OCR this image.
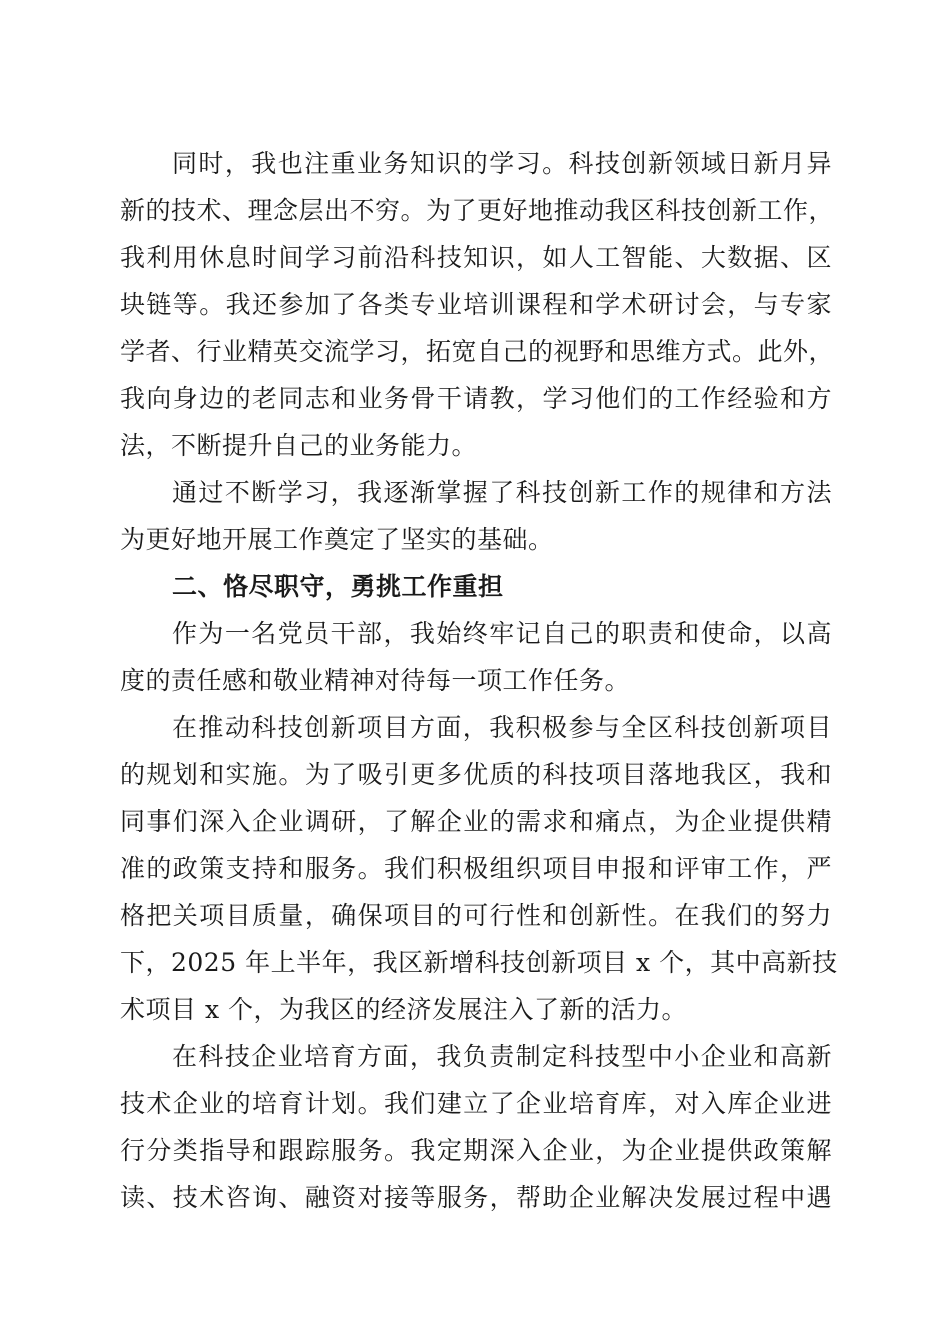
同时，我也注重业务知识的学习。科技创新领域日新月异
新的技术、理念层出不穷。为了更好地推动我区科技创新工作，
我利用休息时间学习前沿科技知识，如人工智能、大数据、区
块链等。我还参加了各类专业培训课程和学术研讨会，与专家
学者、行业精英交流学习，拓宽自己的视野和思维方式。此外，
我向身边的老同志和业务骨干请教，学习他们的工作经验和方
法，不断提升自己的业务能力。
通过不断学习，我逐渐掌握了科技创新工作的规律和方法
为更好地开展工作奠定了坚实的基础。
二、恪尽职守，勇挑工作重担
作为一名党员干部，我始终牢记自己的职责和使命，以高
度的责任感和敬业精神对待每一项工作任务。
在推动科技创新项目方面，我积极参与全区科技创新项目
的规划和实施。为了吸引更多优质的科技项目落地我区，我和
同事们深入企业调研，了解企业的需求和痛点，为企业提供精
准的政策支持和服务。我们积极组织项目申报和评审工作，严
格把关项目质量，确保项目的可行性和创新性。在我们的努力
下，2025 年上半年，我区新增科技创新项目 x 个，其中高新技
术项目 x 个，为我区的经济发展注入了新的活力。
在科技企业培育方面，我负责制定科技型中小企业和高新
技术企业的培育计划。我们建立了企业培育库，对入库企业进
行分类指导和跟踪服务。我定期深入企业，为企业提供政策解
读、技术咨询、融资对接等服务，帮助企业解决发展过程中遇
